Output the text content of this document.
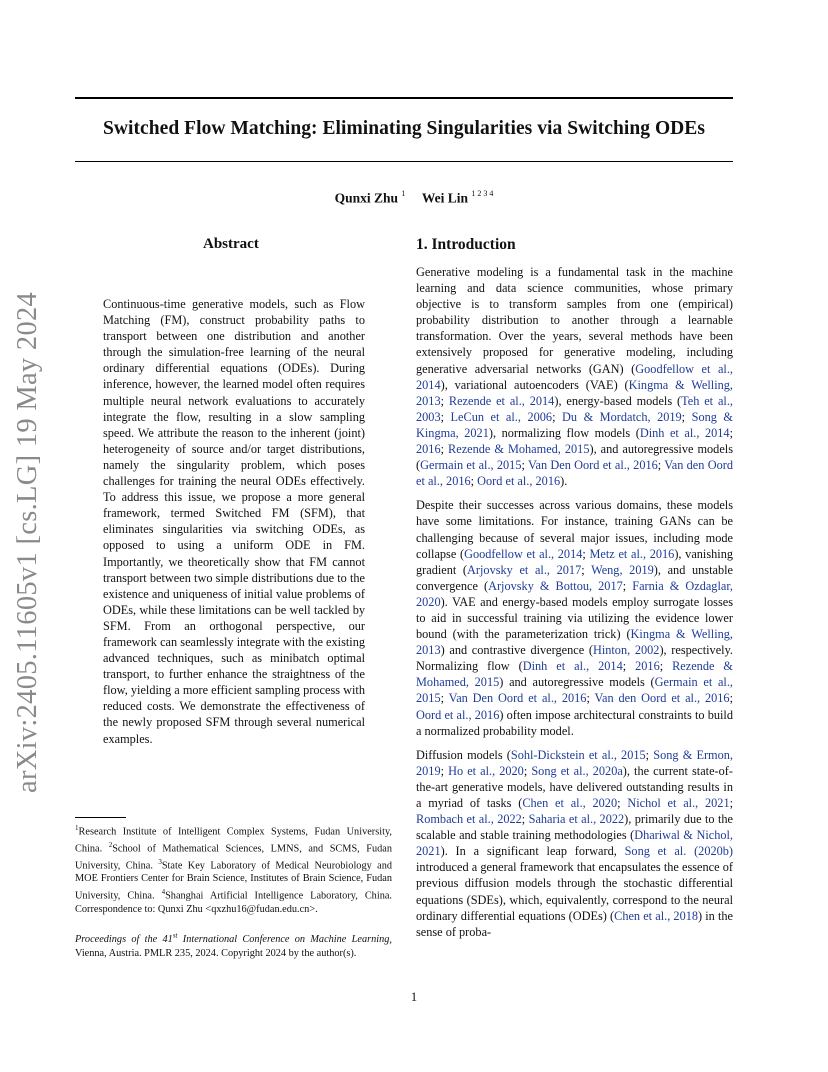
Switched Flow Matching: Eliminating Singularities via Switching ODEs
Qunxi Zhu $^1$ Wei Lin $^{1 2 3 4}$
arXiv:2405.11605v1 [cs.LG] 19 May 2024
Abstract
Continuous-time generative models, such as Flow Matching (FM), construct probability paths to transport between one distribution and another through the simulation-free learning of the neural ordinary differential equations (ODEs). During inference, however, the learned model often requires multiple neural network evaluations to accurately integrate the flow, resulting in a slow sampling speed. We attribute the reason to the inherent (joint) heterogeneity of source and/or target distributions, namely the singularity problem, which poses challenges for training the neural ODEs effectively. To address this issue, we propose a more general framework, termed Switched FM (SFM), that eliminates singularities via switching ODEs, as opposed to using a uniform ODE in FM. Importantly, we theoretically show that FM cannot transport between two simple distributions due to the existence and uniqueness of initial value problems of ODEs, while these limitations can be well tackled by SFM. From an orthogonal perspective, our framework can seamlessly integrate with the existing advanced techniques, such as minibatch optimal transport, to further enhance the straightness of the flow, yielding a more efficient sampling process with reduced costs. We demonstrate the effectiveness of the newly proposed SFM through several numerical examples.
1. Introduction

Generative modeling is a fundamental task in the machine learning and data science communities, whose primary objective is to transform samples from one (empirical) probability distribution to another through a learnable transformation. Over the years, several methods have been extensively proposed for generative modeling, including generative adversarial networks (GAN) (Goodfellow et al., 2014), variational autoencoders (VAE) (Kingma & Welling, 2013; Rezende et al., 2014), energy-based models (Teh et al., 2003; LeCun et al., 2006; Du & Mordatch, 2019; Song & Kingma, 2021), normalizing flow models (Dinh et al., 2014; 2016; Rezende & Mohamed, 2015), and autoregressive models (Germain et al., 2015; Van Den Oord et al., 2016; Van den Oord et al., 2016; Oord et al., 2016).

Despite their successes across various domains, these models have some limitations. For instance, training GANs can be challenging because of several major issues, including mode collapse (Goodfellow et al., 2014; Metz et al., 2016), vanishing gradient (Arjovsky et al., 2017; Weng, 2019), and unstable convergence (Arjovsky & Bottou, 2017; Farnia & Ozdaglar, 2020). VAE and energy-based models employ surrogate losses to aid in successful training via utilizing the evidence lower bound (with the parameterization trick) (Kingma & Welling, 2013) and contrastive divergence (Hinton, 2002), respectively. Normalizing flow (Dinh et al., 2014; 2016; Rezende & Mohamed, 2015) and autoregressive models (Germain et al., 2015; Van Den Oord et al., 2016; Van den Oord et al., 2016; Oord et al., 2016) often impose architectural constraints to build a normalized probability model.

Diffusion models (Sohl-Dickstein et al., 2015; Song & Ermon, 2019; Ho et al., 2020; Song et al., 2020a), the current state-of-the-art generative models, have delivered outstanding results in a myriad of tasks (Chen et al., 2020; Nichol et al., 2021; Rombach et al., 2022; Saharia et al., 2022), primarily due to the scalable and stable training methodologies (Dhariwal & Nichol, 2021). In a significant leap forward, Song et al. (2020b) introduced a general framework that encapsulates the essence of previous diffusion models through the stochastic differential equations (SDEs), which, equivalently, correspond to the neural ordinary differential equations (ODEs) (Chen et al., 2018) in the sense of proba-

$^1$Research Institute of Intelligent Complex Systems, Fudan University, China. $^2$School of Mathematical Sciences, LMNS, and SCMS, Fudan University, China. $^3$State Key Laboratory of Medical Neurobiology and MOE Frontiers Center for Brain Science, Institutes of Brain Science, Fudan University, China. $^4$Shanghai Artificial Intelligence Laboratory, China. Correspondence to: Qunxi Zhu <qxzhu16@fudan.edu.cn>.
Proceedings of the 41st International Conference on Machine Learning, Vienna, Austria. PMLR 235, 2024. Copyright 2024 by the author(s).
1
